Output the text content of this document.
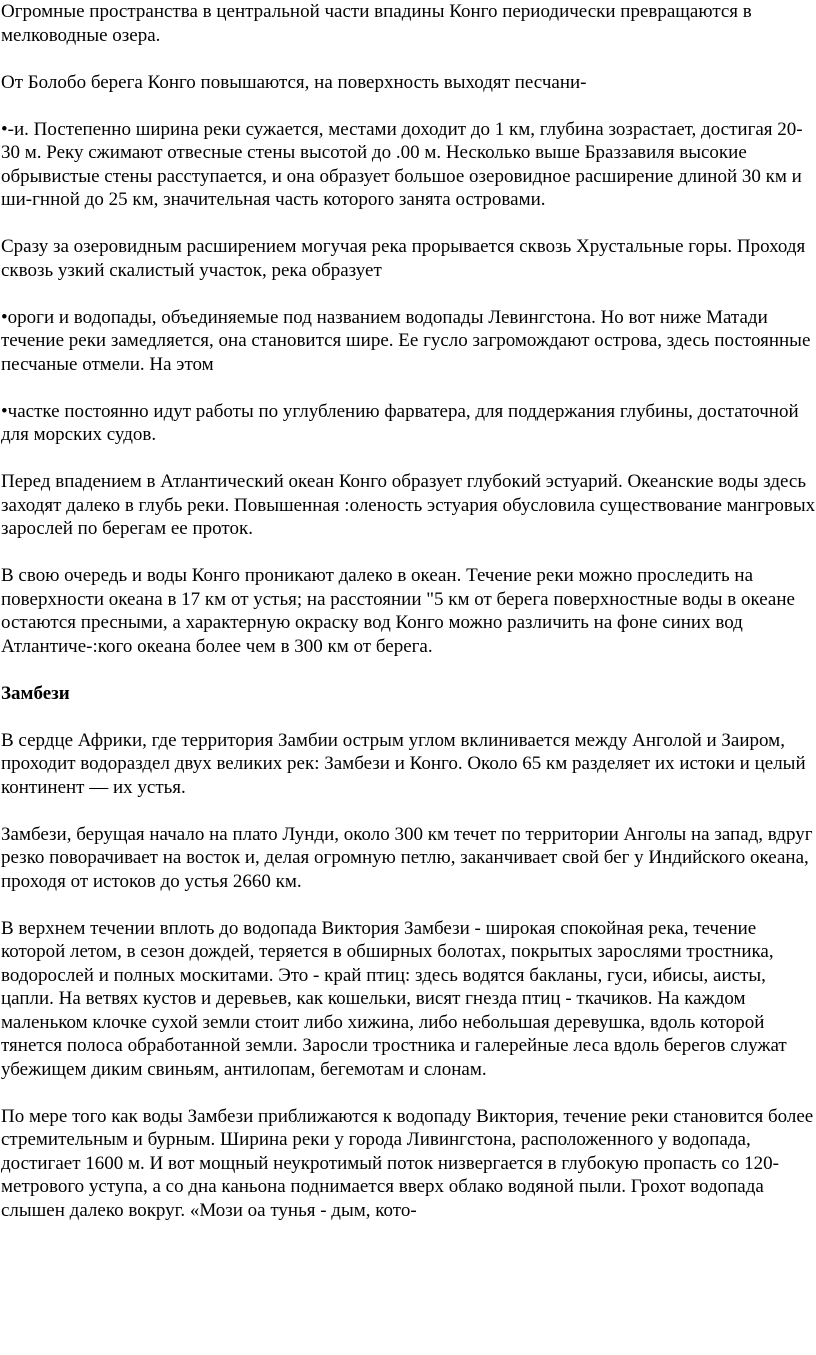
Огромные пространства в центральной части впадины Конго периодически превращаются в мелководные озера.

От Болобо берега Конго повышаются, на поверхность выходят песчани-

•-и. Постепенно ширина реки сужается, местами доходит до 1 км, глубина зозрастает, достигая 20-30 м. Реку сжимают отвесные стены высотой до .00 м. Несколько выше Браззавиля высокие обрывистые стены расступается, и она образует большое озеровидное расширение длиной 30 км и ши-гнной до 25 км, значительная часть которого занята островами.

Сразу за озеровидным расширением могучая река прорывается сквозь Хрустальные горы. Проходя сквозь узкий скалистый участок, река образует

•ороги и водопады, объединяемые под названием водопады Левингстона. Но вот ниже Матади течение реки замедляется, она становится шире. Ее гусло загромождают острова, здесь постоянные песчаные отмели. На этом

•частке постоянно идут работы по углублению фарватера, для поддержания глубины, достаточной для морских судов.

Перед впадением в Атлантический океан Конго образует глубокий эстуарий. Океанские воды здесь заходят далеко в глубь реки. Повышенная :оленость эстуария обусловила существование мангровых зарослей по берегам ее проток.

В свою очередь и воды Конго проникают далеко в океан. Течение реки можно проследить на поверхности океана в 17 км от устья; на расстоянии "5 км от берега поверхностные воды в океане остаются пресными, а характерную окраску вод Конго можно различить на фоне синих вод Атлантиче-:кого океана более чем в 300 км от берега.

Замбези

В сердце Африки, где территория Замбии острым углом вклинивается между Анголой и Заиром, проходит водораздел двух великих рек: Замбези и Конго. Около 65 км разделяет их истоки и целый континент — их устья.

Замбези, берущая начало на плато Лунди, около 300 км течет по территории Анголы на запад, вдруг резко поворачивает на восток и, делая огромную петлю, заканчивает свой бег у Индийского океана, проходя от истоков до устья 2660 км.

В верхнем течении вплоть до водопада Виктория Замбези - широкая спокойная река, течение которой летом, в сезон дождей, теряется в обширных болотах, покрытых зарослями тростника, водорослей и полных москитами. Это - край птиц: здесь водятся бакланы, гуси, ибисы, аисты, цапли. На ветвях кустов и деревьев, как кошельки, висят гнезда птиц - ткачиков. На каждом маленьком клочке сухой земли стоит либо хижина, либо небольшая деревушка, вдоль которой тянется полоса обработанной земли. Заросли тростника и галерейные леса вдоль берегов служат убежищем диким свиньям, антилопам, бегемотам и слонам.

По мере того как воды Замбези приближаются к водопаду Виктория, течение реки становится более стремительным и бурным. Ширина реки у города Ливингстона, расположенного у водопада, достигает 1600 м. И вот мощный неукротимый поток низвергается в глубокую пропасть со 120-метрового уступа, а со дна каньона поднимается вверх облако водяной пыли. Грохот водопада слышен далеко вокруг. «Мози оа тунья - дым, кото-
